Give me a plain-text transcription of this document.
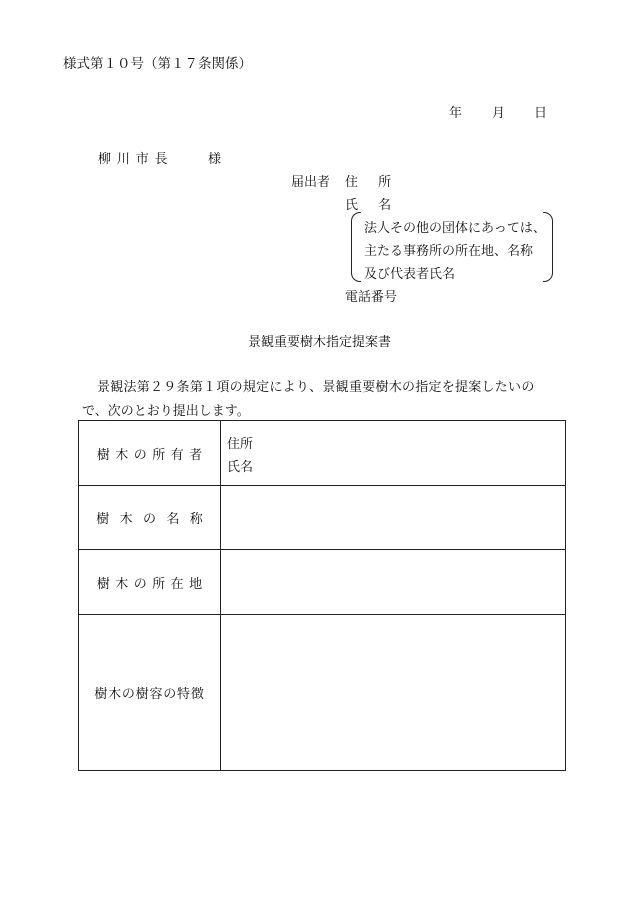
様式第１０号（第１７条関係）
年 月 日
柳川市長	様
届出者 住所
氏名
法人その他の団体にあっては、
主たる事務所の所在地、名称
及び代表者氏名
電話番号
景観重要樹木指定提案書
景観法第２９条第１項の規定により、景観重要樹木の指定を提案したいの
で、次のとおり提出します。
樹木の所有者	住所
氏名

樹木の名称	
樹木の所在地	
樹木の樹容の特徴	
